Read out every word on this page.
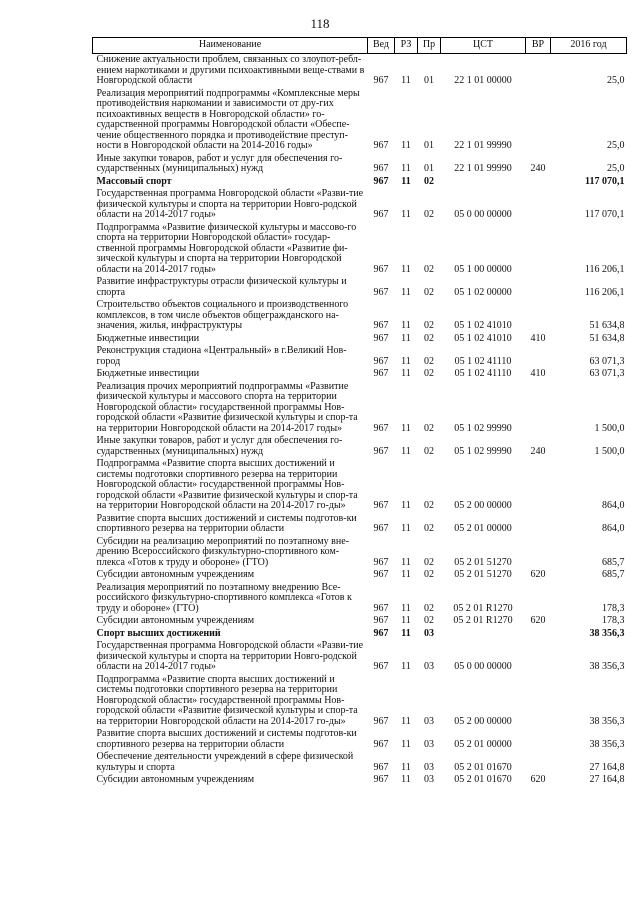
118
Наименование	Вед	РЗ	Пр	ЦСТ	ВР	2016 год
Снижение актуальности проблем, связанных со злоупот-ребл-ением наркотиками и другими психоактивными веще-ствами в Новгородской области	967	11	01	22 1 01 00000		25,0
Реализация мероприятий подпрограммы «Комплексные меры противодействия наркомании и зависимости от дру-гих психоактивных веществ в Новгородской области» го-сударственной программы Новгородской области «Обеспе-чение общественного порядка и противодействие преступ-ности в Новгородской области на 2014-2016 годы»	967	11	01	22 1 01 99990		25,0
Иные закупки товаров, работ и услуг для обеспечения го-сударственных (муниципальных) нужд	967	11	01	22 1 01 99990	240	25,0
Массовый спорт	967	11	02			117 070,1
Государственная программа Новгородской области «Разви-тие физической культуры и спорта на территории Новго-родской области на 2014-2017 годы»	967	11	02	05 0 00 00000		117 070,1
Подпрограмма «Развитие физической культуры и массово-го спорта на территории Новгородской области» государ-ственной программы Новгородской области «Развитие фи-зической культуры и спорта на территории Новгородской области на 2014-2017 годы»	967	11	02	05 1 00 00000		116 206,1
Развитие инфраструктуры отрасли физической культуры и спорта	967	11	02	05 1 02 00000		116 206,1
Строительство объектов социального и производственного комплексов, в том числе объектов общегражданского на-значения, жилья, инфраструктуры	967	11	02	05 1 02 41010		51 634,8
Бюджетные инвестиции	967	11	02	05 1 02 41010	410	51 634,8
Реконструкция стадиона «Центральный» в г.Великий Нов-город	967	11	02	05 1 02 41110		63 071,3
Бюджетные инвестиции	967	11	02	05 1 02 41110	410	63 071,3
Реализация прочих мероприятий подпрограммы «Развитие физической культуры и массового спорта на территории Новгородской области» государственной программы Нов-городской области «Развитие физической культуры и спор-та на территории Новгородской области на 2014-2017 годы»	967	11	02	05 1 02 99990		1 500,0
Иные закупки товаров, работ и услуг для обеспечения го-сударственных (муниципальных) нужд	967	11	02	05 1 02 99990	240	1 500,0
Подпрограмма «Развитие спорта высших достижений и системы подготовки спортивного резерва на территории Новгородской области» государственной программы Нов-городской области «Развитие физической культуры и спор-та на территории Новгородской области на 2014-2017 го-ды»	967	11	02	05 2 00 00000		864,0
Развитие спорта высших достижений и системы подготов-ки спортивного резерва на территории области	967	11	02	05 2 01 00000		864,0
Субсидии на реализацию мероприятий по поэтапному вне-дрению Всероссийского физкультурно-спортивного ком-плекса «Готов к труду и обороне» (ГТО)	967	11	02	05 2 01 51270		685,7
Субсидии автономным учреждениям	967	11	02	05 2 01 51270	620	685,7
Реализация мероприятий по поэтапному внедрению Все-российского физкультурно-спортивного комплекса «Готов к труду и обороне» (ГТО)	967	11	02	05 2 01 R1270		178,3
Субсидии автономным учреждениям	967	11	02	05 2 01 R1270	620	178,3
Спорт высших достижений	967	11	03			38 356,3
Государственная программа Новгородской области «Разви-тие физической культуры и спорта на территории Новго-родской области на 2014-2017 годы»	967	11	03	05 0 00 00000		38 356,3
Подпрограмма «Развитие спорта высших достижений и системы подготовки спортивного резерва на территории Новгородской области» государственной программы Нов-городской области «Развитие физической культуры и спор-та на территории Новгородской области на 2014-2017 го-ды»	967	11	03	05 2 00 00000		38 356,3
Развитие спорта высших достижений и системы подготов-ки спортивного резерва на территории области	967	11	03	05 2 01 00000		38 356,3
Обеспечение деятельности учреждений в сфере физической культуры и спорта	967	11	03	05 2 01 01670		27 164,8
Субсидии автономным учреждениям	967	11	03	05 2 01 01670	620	27 164,8
